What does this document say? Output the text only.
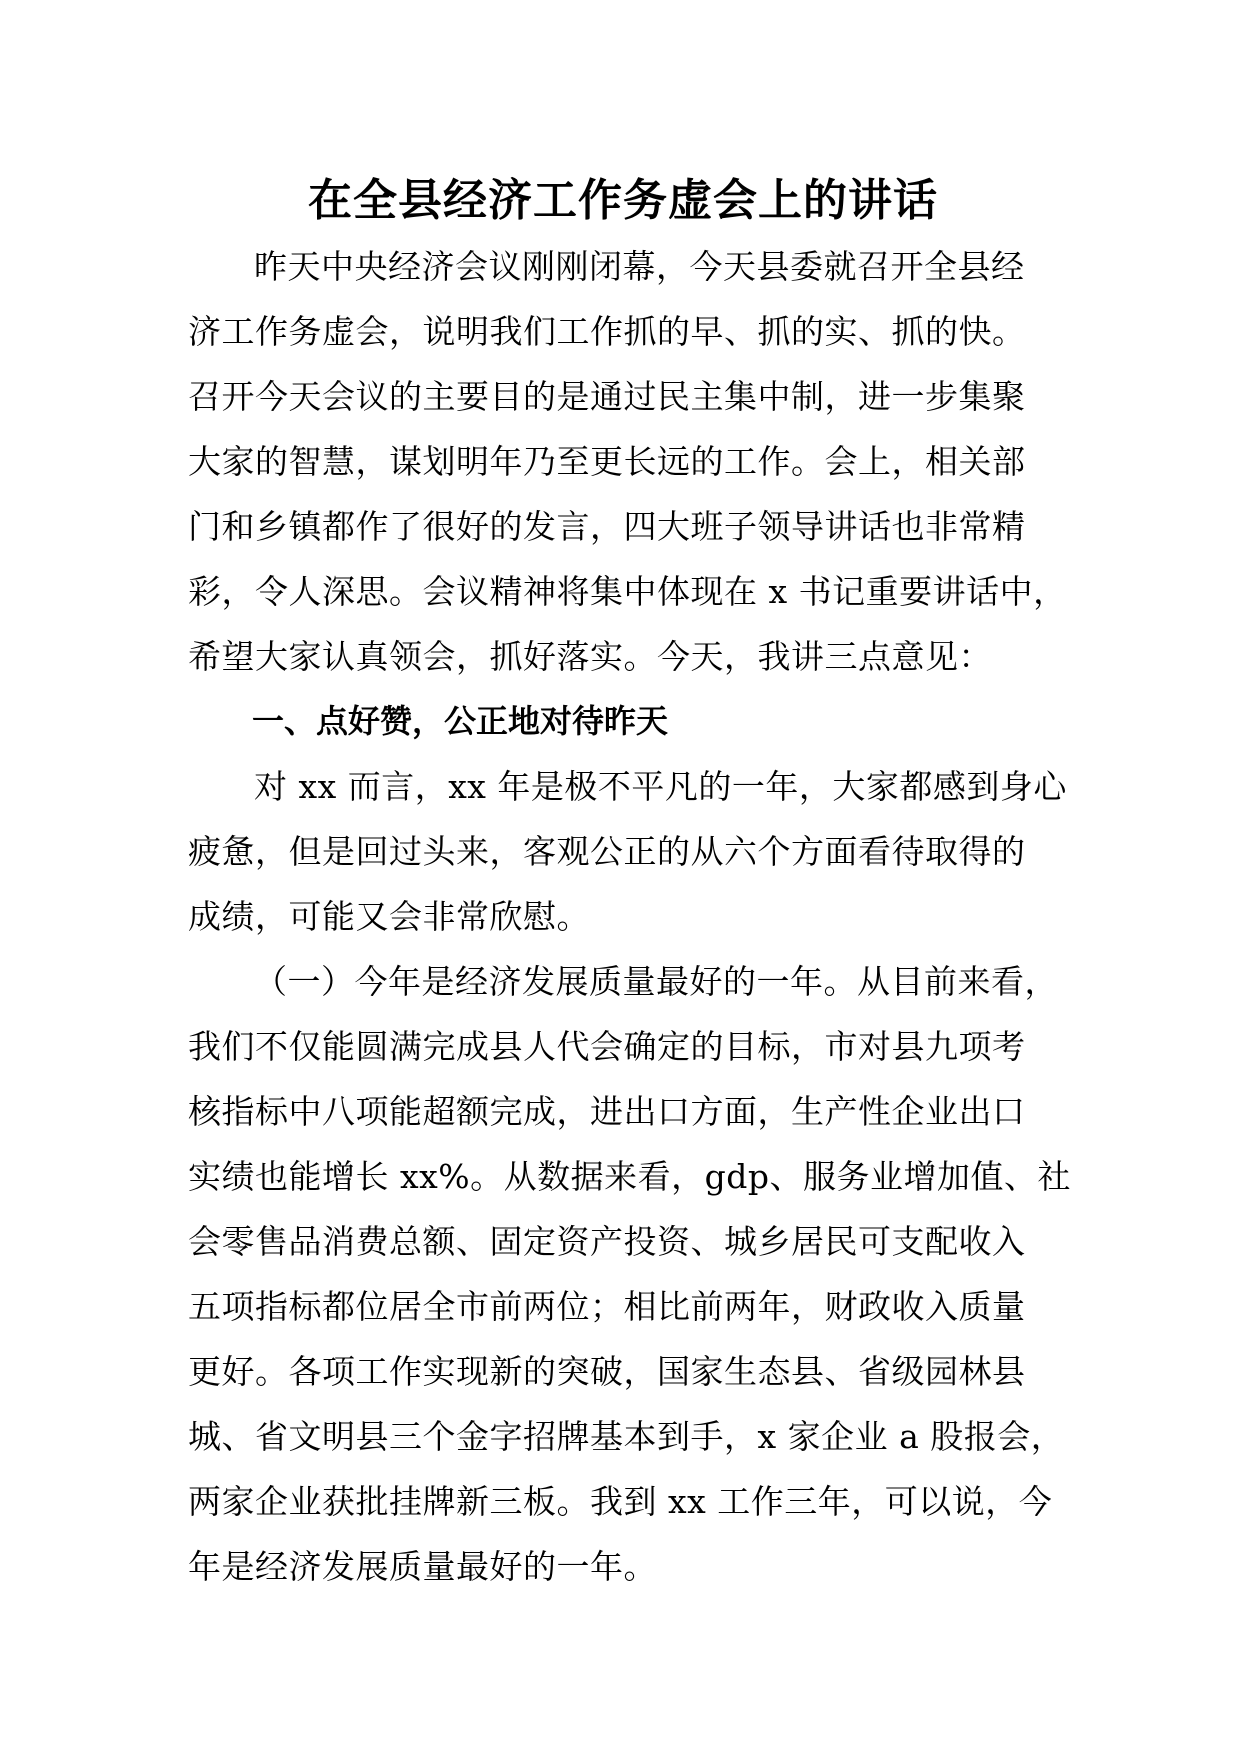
在全县经济工作务虚会上的讲话

昨天中央经济会议刚刚闭幕，今天县委就召开全县经
济工作务虚会，说明我们工作抓的早、抓的实、抓的快。
召开今天会议的主要目的是通过民主集中制，进一步集聚
大家的智慧，谋划明年乃至更长远的工作。会上，相关部
门和乡镇都作了很好的发言，四大班子领导讲话也非常精
彩，令人深思。会议精神将集中体现在 x 书记重要讲话中，
希望大家认真领会，抓好落实。今天，我讲三点意见：

一、点好赞，公正地对待昨天

对 xx 而言，xx 年是极不平凡的一年，大家都感到身心
疲惫，但是回过头来，客观公正的从六个方面看待取得的
成绩，可能又会非常欣慰。

（一）今年是经济发展质量最好的一年。从目前来看，
我们不仅能圆满完成县人代会确定的目标，市对县九项考
核指标中八项能超额完成，进出口方面，生产性企业出口
实绩也能增长 xx%。从数据来看，gdp、服务业增加值、社
会零售品消费总额、固定资产投资、城乡居民可支配收入
五项指标都位居全市前两位；相比前两年，财政收入质量
更好。各项工作实现新的突破，国家生态县、省级园林县
城、省文明县三个金字招牌基本到手，x 家企业 a 股报会，
两家企业获批挂牌新三板。我到 xx 工作三年，可以说，今
年是经济发展质量最好的一年。
